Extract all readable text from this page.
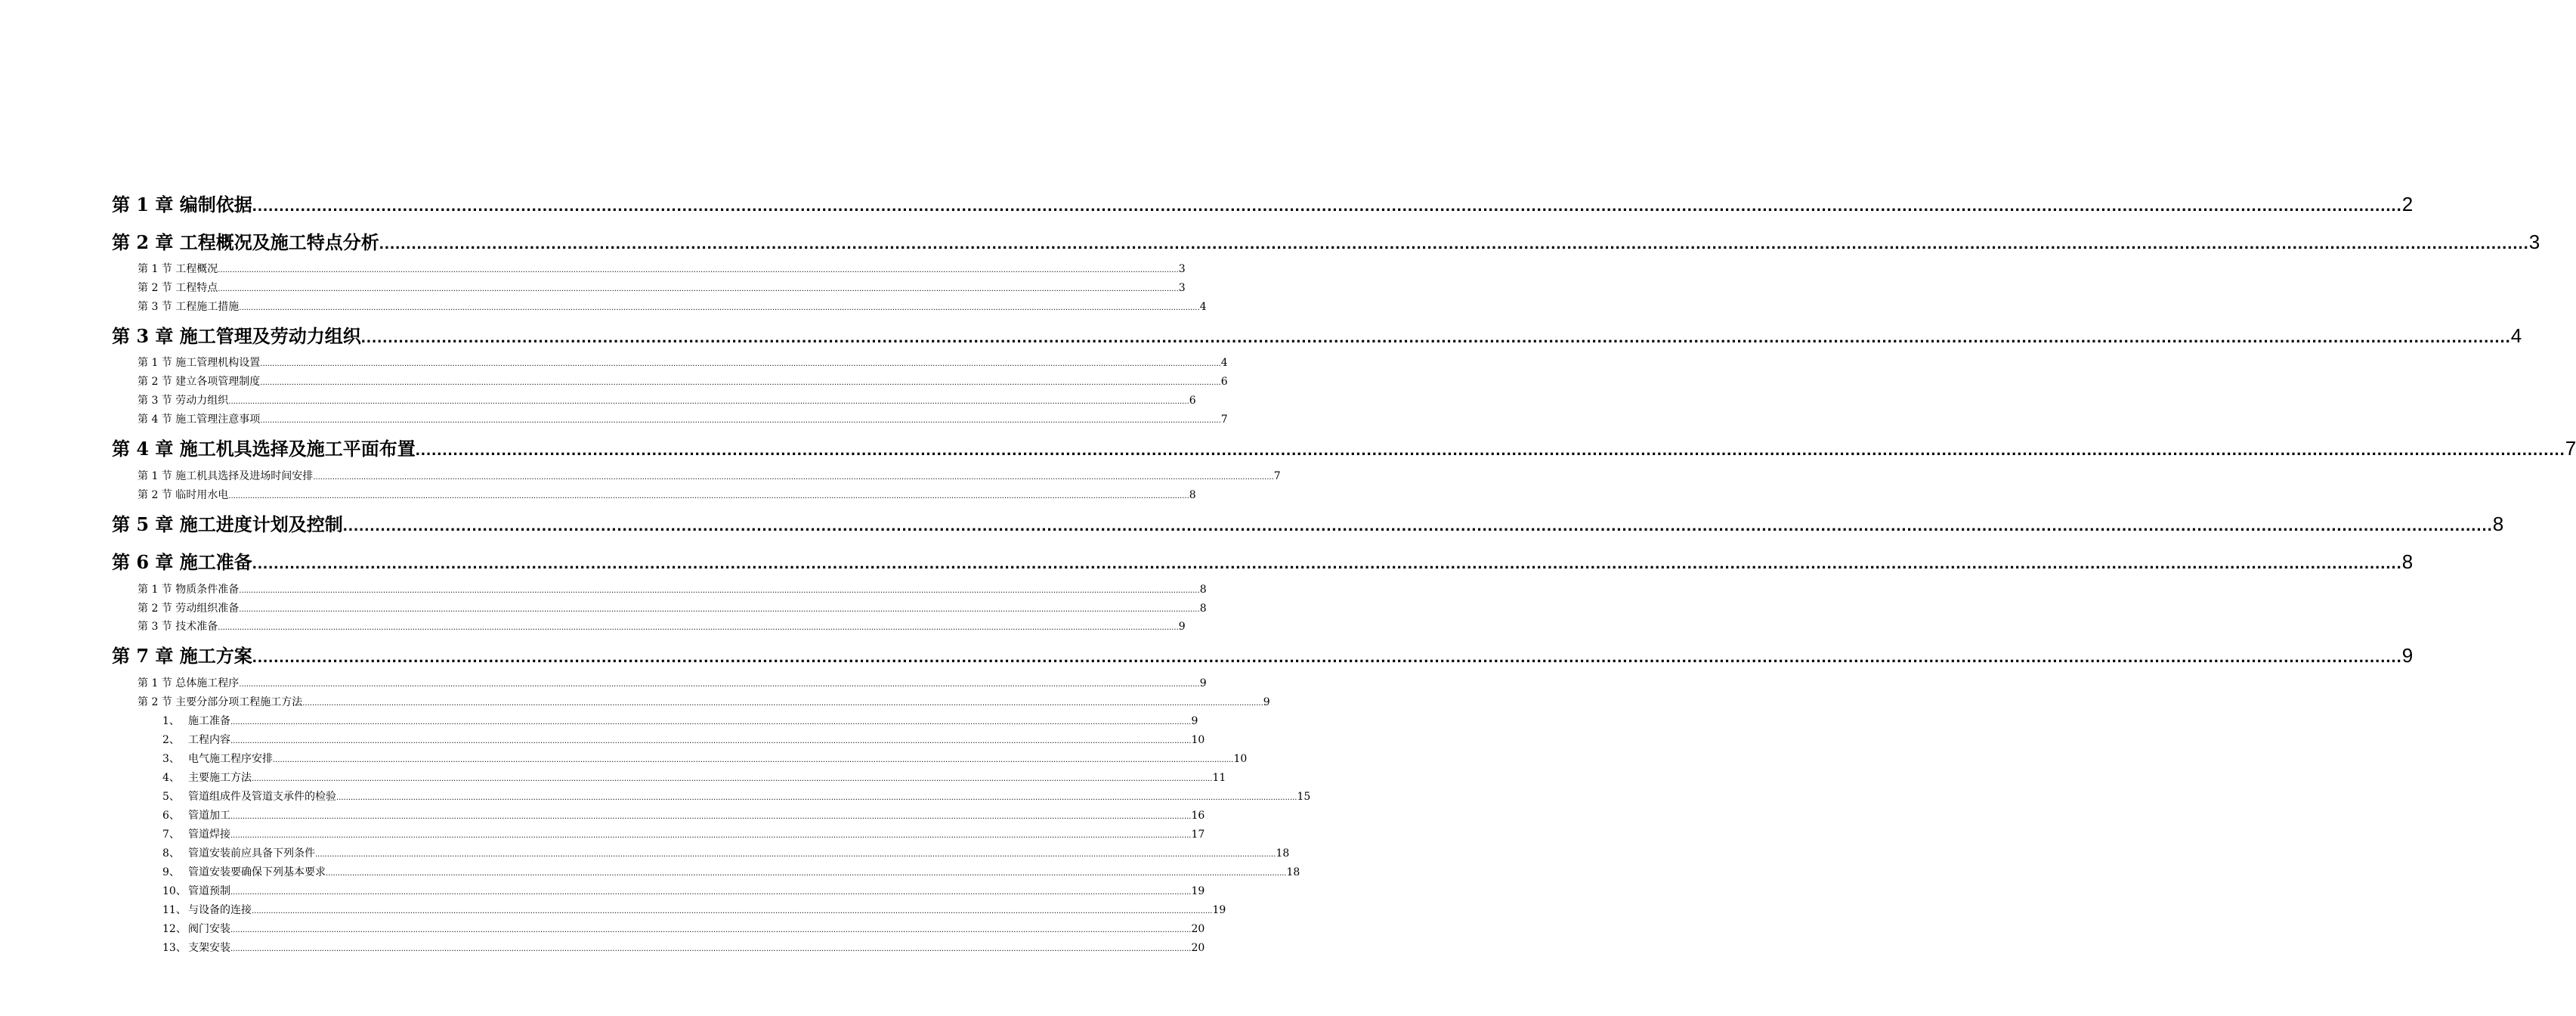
第 1 章 编制依据 ................................................................................................................................................................................................................................................................................................................................................................................................................ 2
第 2 章 工程概况及施工特点分析 ................................................................................................................................................................................................................................................................................................................................................................................................................ 3
第 1 节 工程概况 ................................................................................................................................................................................................................................................................................................................................................................................................................ 3
第 2 节 工程特点 ................................................................................................................................................................................................................................................................................................................................................................................................................ 3
第 3 节 工程施工措施 ................................................................................................................................................................................................................................................................................................................................................................................................................ 4
第 3 章 施工管理及劳动力组织 ................................................................................................................................................................................................................................................................................................................................................................................................................ 4
第 1 节 施工管理机构设置 ................................................................................................................................................................................................................................................................................................................................................................................................................ 4
第 2 节 建立各项管理制度 ................................................................................................................................................................................................................................................................................................................................................................................................................ 6
第 3 节 劳动力组织 ................................................................................................................................................................................................................................................................................................................................................................................................................ 6
第 4 节 施工管理注意事项 ................................................................................................................................................................................................................................................................................................................................................................................................................ 7
第 4 章 施工机具选择及施工平面布置 ................................................................................................................................................................................................................................................................................................................................................................................................................ 7
第 1 节 施工机具选择及进场时间安排 ................................................................................................................................................................................................................................................................................................................................................................................................................ 7
第 2 节 临时用水电 ................................................................................................................................................................................................................................................................................................................................................................................................................ 8
第 5 章 施工进度计划及控制 ................................................................................................................................................................................................................................................................................................................................................................................................................ 8
第 6 章 施工准备 ................................................................................................................................................................................................................................................................................................................................................................................................................ 8
第 1 节 物质条件准备 ................................................................................................................................................................................................................................................................................................................................................................................................................ 8
第 2 节 劳动组织准备 ................................................................................................................................................................................................................................................................................................................................................................................................................ 8
第 3 节 技术准备 ................................................................................................................................................................................................................................................................................................................................................................................................................ 9
第 7 章 施工方案 ................................................................................................................................................................................................................................................................................................................................................................................................................ 9
第 1 节 总体施工程序 ................................................................................................................................................................................................................................................................................................................................................................................................................ 9
第 2 节 主要分部分项工程施工方法 ................................................................................................................................................................................................................................................................................................................................................................................................................ 9
1、 施工准备 ................................................................................................................................................................................................................................................................................................................................................................................................................ 9
2、 工程内容 ................................................................................................................................................................................................................................................................................................................................................................................................................ 10
3、 电气施工程序安排 ................................................................................................................................................................................................................................................................................................................................................................................................................ 10
4、 主要施工方法 ................................................................................................................................................................................................................................................................................................................................................................................................................ 11
5、 管道组成件及管道支承件的检验 ................................................................................................................................................................................................................................................................................................................................................................................................................ 15
6、 管道加工 ................................................................................................................................................................................................................................................................................................................................................................................................................ 16
7、 管道焊接 ................................................................................................................................................................................................................................................................................................................................................................................................................ 17
8、 管道安装前应具备下列条件 ................................................................................................................................................................................................................................................................................................................................................................................................................ 18
9、 管道安装要确保下列基本要求 ................................................................................................................................................................................................................................................................................................................................................................................................................ 18
10、 管道预制 ................................................................................................................................................................................................................................................................................................................................................................................................................ 19
11、 与设备的连接 ................................................................................................................................................................................................................................................................................................................................................................................................................ 19
12、 阀门安装 ................................................................................................................................................................................................................................................................................................................................................................................................................ 20
13、 支架安装 ................................................................................................................................................................................................................................................................................................................................................................................................................ 20
